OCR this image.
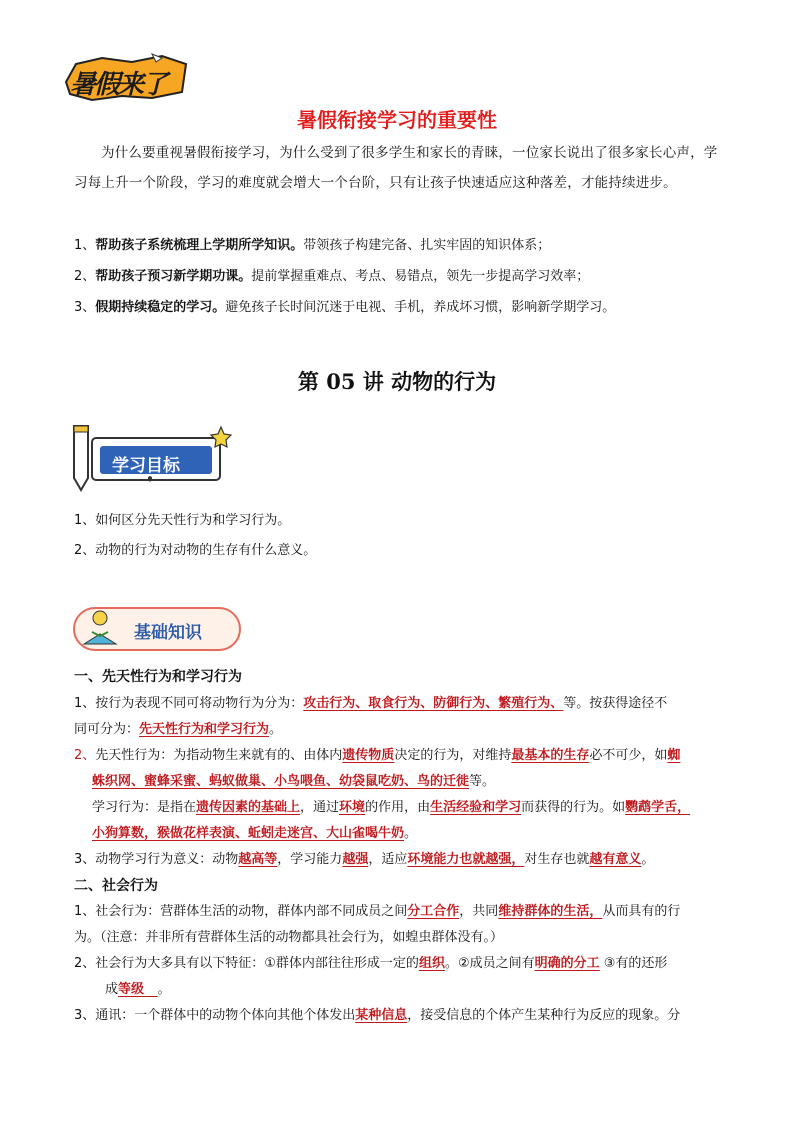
暑假来了
暑假衔接学习的重要性
为什么要重视暑假衔接学习，为什么受到了很多学生和家长的青睐，一位家长说出了很多家长心声，学习每上升一个阶段，学习的难度就会增大一个台阶，只有让孩子快速适应这种落差，才能持续进步。
1、帮助孩子系统梳理上学期所学知识。带领孩子构建完备、扎实牢固的知识体系；
2、帮助孩子预习新学期功课。提前掌握重难点、考点、易错点，领先一步提高学习效率；
3、假期持续稳定的学习。避免孩子长时间沉迷于电视、手机，养成坏习惯，影响新学期学习。
第 05 讲 动物的行为
学习目标
1、如何区分先天性行为和学习行为。
2、动物的行为对动物的生存有什么意义。
基础知识
一、先天性行为和学习行为
1、按行为表现不同可将动物行为分为：攻击行为、取食行为、防御行为、繁殖行为、等。按获得途径不
同可分为：先天性行为和学习行为。
2、先天性行为：为指动物生来就有的、由体内遗传物质决定的行为，对维持最基本的生存必不可少，如蜘
蛛织网、蜜蜂采蜜、蚂蚁做巢、小鸟喂鱼、幼袋鼠吃奶、鸟的迁徙等。
学习行为：是指在遗传因素的基础上，通过环境的作用，由生活经验和学习而获得的行为。如鹦鹉学舌，
小狗算数，猴做花样表演、蚯蚓走迷宫、大山雀喝牛奶。
3、动物学习行为意义：动物越高等，学习能力越强，适应环境能力也就越强，对生存也就越有意义。
二、社会行为
1、社会行为：营群体生活的动物，群体内部不同成员之间分工合作，共同维持群体的生活，从而具有的行
为。（注意：并非所有营群体生活的动物都具社会行为，如蝗虫群体没有。）
2、社会行为大多具有以下特征：①群体内部往往形成一定的组织。②成员之间有明确的分工 ③有的还形
成等级   。
3、通讯：一个群体中的动物个体向其他个体发出某种信息，接受信息的个体产生某种行为反应的现象。分
